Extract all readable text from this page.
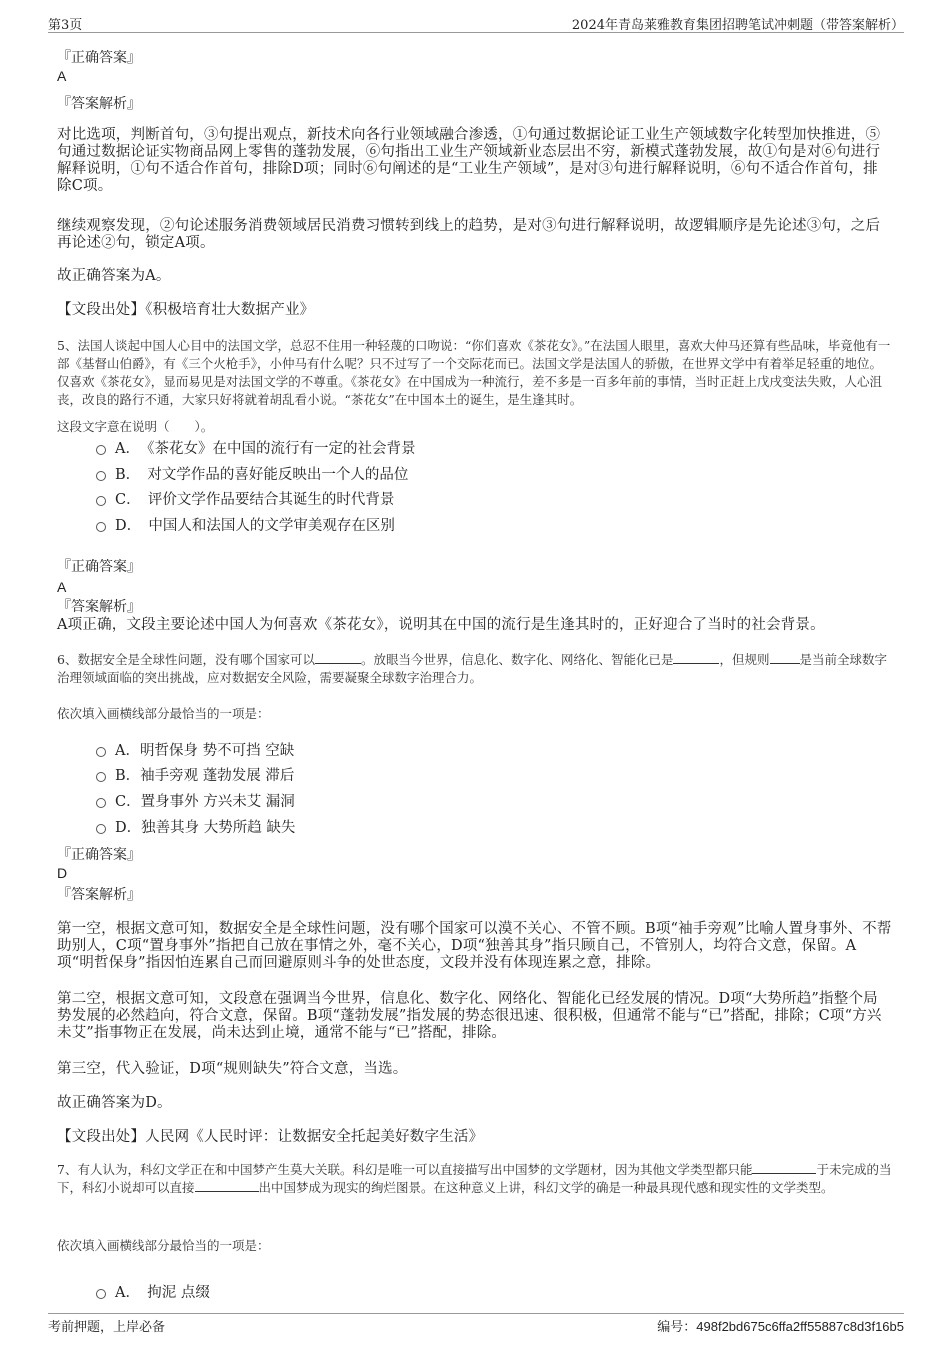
第3页	2024年青岛莱雅教育集团招聘笔试冲刺题（带答案解析）
『正确答案』
A
『答案解析』
对比选项，判断首句，③句提出观点，新技术向各行业领域融合渗透，①句通过数据论证工业生产领域数字化转型加快推进，⑤句通过数据论证实物商品网上零售的蓬勃发展，⑥句指出工业生产领域新业态层出不穷，新模式蓬勃发展，故①句是对⑥句进行解释说明，①句不适合作首句，排除D项；同时⑥句阐述的是“工业生产领域”，是对③句进行解释说明，⑥句不适合作首句，排除C项。
继续观察发现，②句论述服务消费领域居民消费习惯转到线上的趋势，是对③句进行解释说明，故逻辑顺序是先论述③句，之后再论述②句，锁定A项。
故正确答案为A。
【文段出处】《积极培育壮大数据产业》
5、法国人谈起中国人心目中的法国文学，总忍不住用一种轻蔑的口吻说：“你们喜欢《茶花女》。”在法国人眼里，喜欢大仲马还算有些品味，毕竟他有一部《基督山伯爵》，有《三个火枪手》，小仲马有什么呢？只不过写了一个交际花而已。法国文学是法国人的骄傲，在世界文学中有着举足轻重的地位。仅喜欢《茶花女》，显而易见是对法国文学的不尊重。《茶花女》在中国成为一种流行，差不多是一百多年前的事情，当时正赶上戊戌变法失败，人心沮丧，改良的路行不通，大家只好将就着胡乱看小说。“茶花女”在中国本土的诞生，是生逢其时。
这段文字意在说明（　　）。
A．　《茶花女》在中国的流行有一定的社会背景
B．　对文学作品的喜好能反映出一个人的品位
C．　评价文学作品要结合其诞生的时代背景
D．　中国人和法国人的文学审美观存在区别
『正确答案』
A
『答案解析』
A项正确，文段主要论述中国人为何喜欢《茶花女》，说明其在中国的流行是生逢其时的，正好迎合了当时的社会背景。
6、数据安全是全球性问题，没有哪个国家可以	。放眼当今世界，信息化、数字化、网络化、智能化已是	，但规则 是当前全球数字治理领域面临的突出挑战，应对数据安全风险，需要凝聚全球数字治理合力。
依次填入画横线部分最恰当的一项是：
A．明哲保身 势不可挡 空缺
B．袖手旁观 蓬勃发展 滞后
C．置身事外 方兴未艾 漏洞
D．独善其身 大势所趋 缺失
『正确答案』
D
『答案解析』
第一空，根据文意可知，数据安全是全球性问题，没有哪个国家可以漠不关心、不管不顾。B项“袖手旁观”比喻人置身事外、不帮助别人，C项“置身事外”指把自己放在事情之外，毫不关心，D项“独善其身”指只顾自己，不管别人，均符合文意，保留。A项“明哲保身”指因怕连累自己而回避原则斗争的处世态度，文段并没有体现连累之意，排除。
第二空，根据文意可知，文段意在强调当今世界，信息化、数字化、网络化、智能化已经发展的情况。D项“大势所趋”指整个局势发展的必然趋向，符合文意，保留。B项“蓬勃发展”指发展的势态很迅速、很积极，但通常不能与“已”搭配，排除；C项“方兴未艾”指事物正在发展，尚未达到止境，通常不能与“已”搭配，排除。
第三空，代入验证，D项“规则缺失”符合文意，当选。
故正确答案为D。
【文段出处】人民网《人民时评：让数据安全托起美好数字生活》
7、有人认为，科幻文学正在和中国梦产生莫大关联。科幻是唯一可以直接描写出中国梦的文学题材，因为其他文学类型都只能	于未完成的当下，科幻小说却可以直接	出中国梦成为现实的绚烂图景。在这种意义上讲，科幻文学的确是一种最具现代感和现实性的文学类型。
依次填入画横线部分最恰当的一项是：
A．　拘泥 点缀
考前押题，上岸必备	编号：498f2bd675c6ffa2ff55887c8d3f16b5
